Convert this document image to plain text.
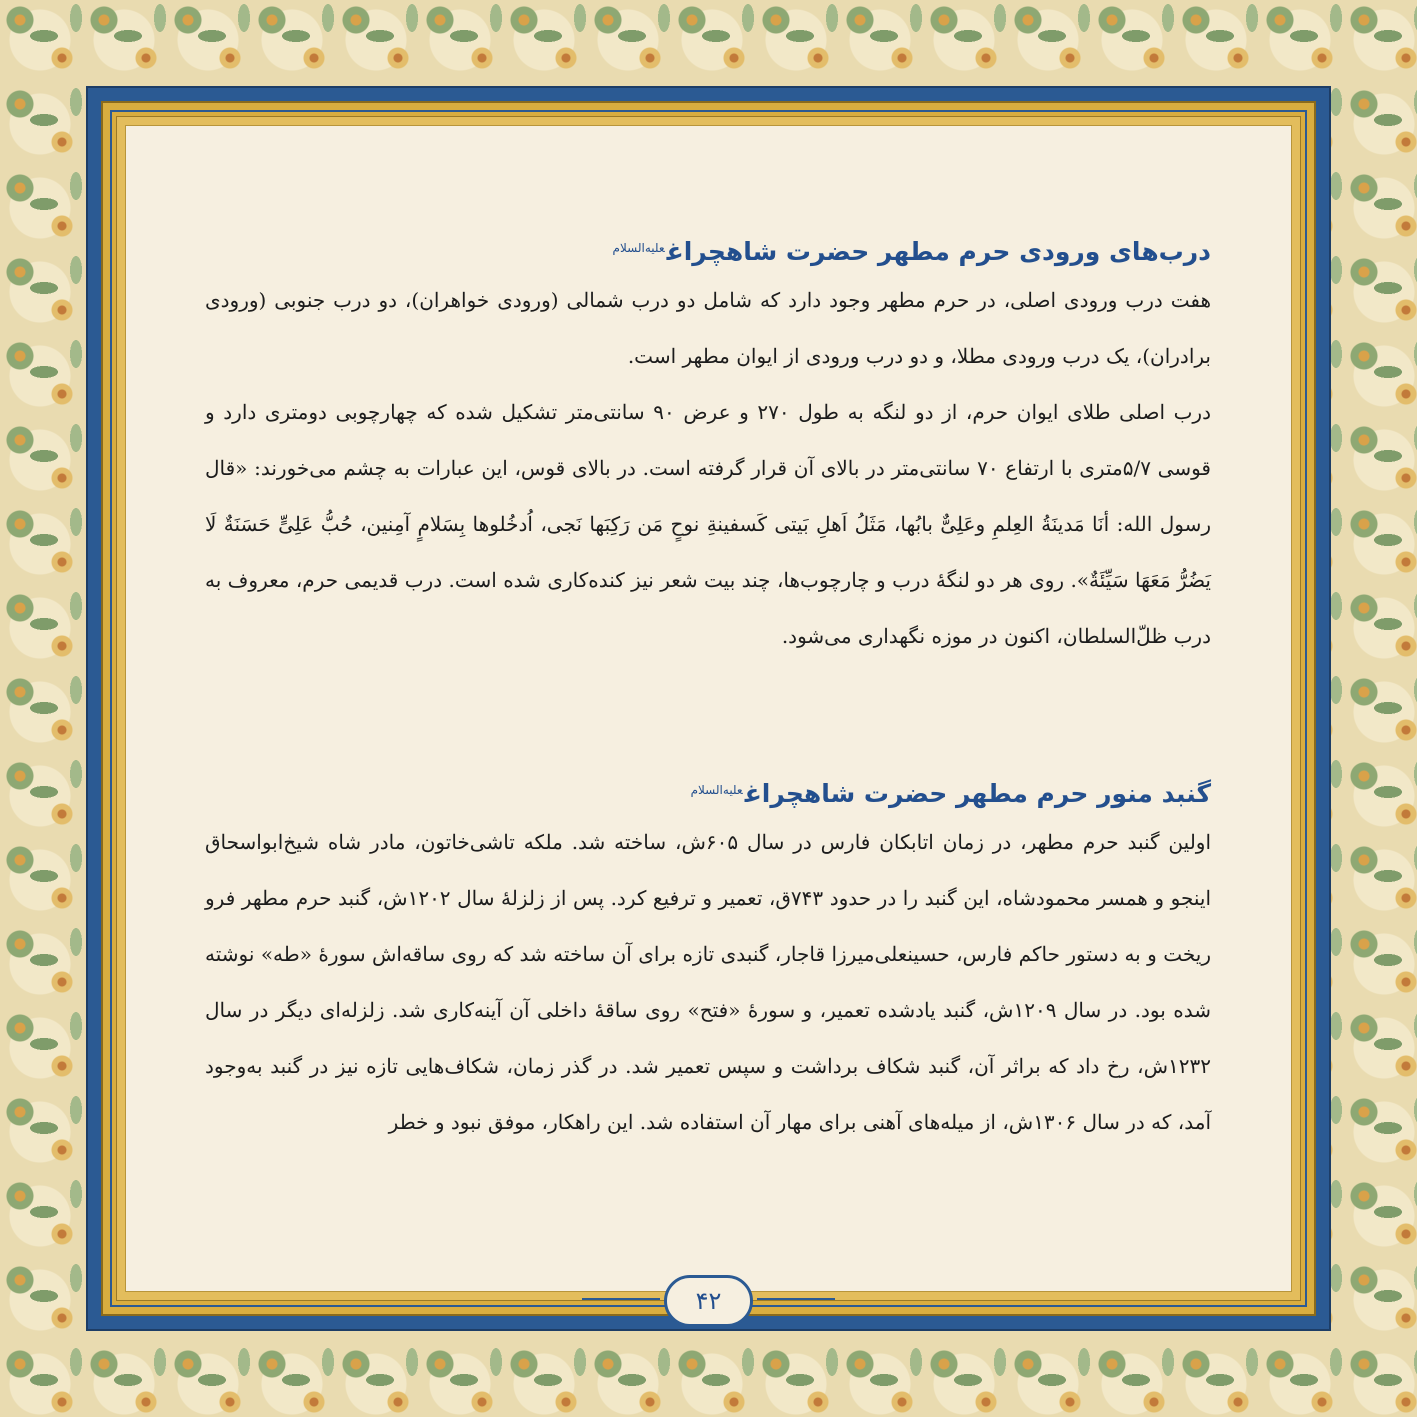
درب‌های ورودی حرم مطهر حضرت شاهچراغ$^{علیه‌السلام}$

هفت درب ورودی اصلی، در حرم مطهر وجود دارد که شامل دو درب شمالی (ورودی خواهران)، دو درب جنوبی (ورودی برادران)، یک درب ورودی مطلا، و دو درب ورودی از ایوان مطهر است.

درب اصلی طلای ایوان حرم، از دو لنگه به طول ۲۷۰ و عرض ۹۰ سانتی‌متر تشکیل شده که چهارچوبی دومتری دارد و قوسی ۵/۷متری با ارتفاع ۷۰ سانتی‌متر در بالای آن قرار گرفته است. در بالای قوس، این عبارات به چشم می‌خورند: «قال رسول الله: أنَا مَدینَةُ العِلمِ وعَلِیٌّ بابُها، مَثَلُ اَهلِ بَیتی کَسفینةِ نوحٍ مَن رَکِبَها نَجی، اُدخُلوها بِسَلامٍ آمِنین، حُبُّ عَلِیٍّ حَسَنَةٌ لَا یَضُرُّ مَعَهَا سَیِّئَةٌ». روی هر دو لنگهٔ درب و چارچوب‌ها، چند بیت شعر نیز کنده‌کاری شده است. درب قدیمی حرم، معروف به درب ظلّ‌السلطان، اکنون در موزه نگهداری می‌شود.

گنبد منور حرم مطهر حضرت شاهچراغ$^{علیه‌السلام}$

اولین گنبد حرم مطهر، در زمان اتابکان فارس در سال ۶۰۵ش، ساخته شد. ملکه تاشی‌خاتون، مادر شاه شیخ‌ابواسحاق اینجو و همسر محمودشاه، این گنبد را در حدود ۷۴۳ق، تعمیر و ترفیع کرد. پس از زلزلهٔ سال ۱۲۰۲ش، گنبد حرم مطهر فرو ریخت و به دستور حاکم فارس، حسینعلی‌میرزا قاجار، گنبدی تازه برای آن ساخته شد که روی ساقه‌اش سورهٔ «طه» نوشته شده بود. در سال ۱۲۰۹ش، گنبد یادشده تعمیر، و سورهٔ «فتح» روی ساقهٔ داخلی آن آینه‌کاری شد. زلزله‌ای دیگر در سال ۱۲۳۲ش، رخ داد که براثر آن، گنبد شکاف برداشت و سپس تعمیر شد. در گذر زمان، شکاف‌هایی تازه نیز در گنبد به‌وجود آمد، که در سال ۱۳۰۶ش، از میله‌های آهنی برای مهار آن استفاده شد. این راهکار، موفق نبود و خطر

۴۲
